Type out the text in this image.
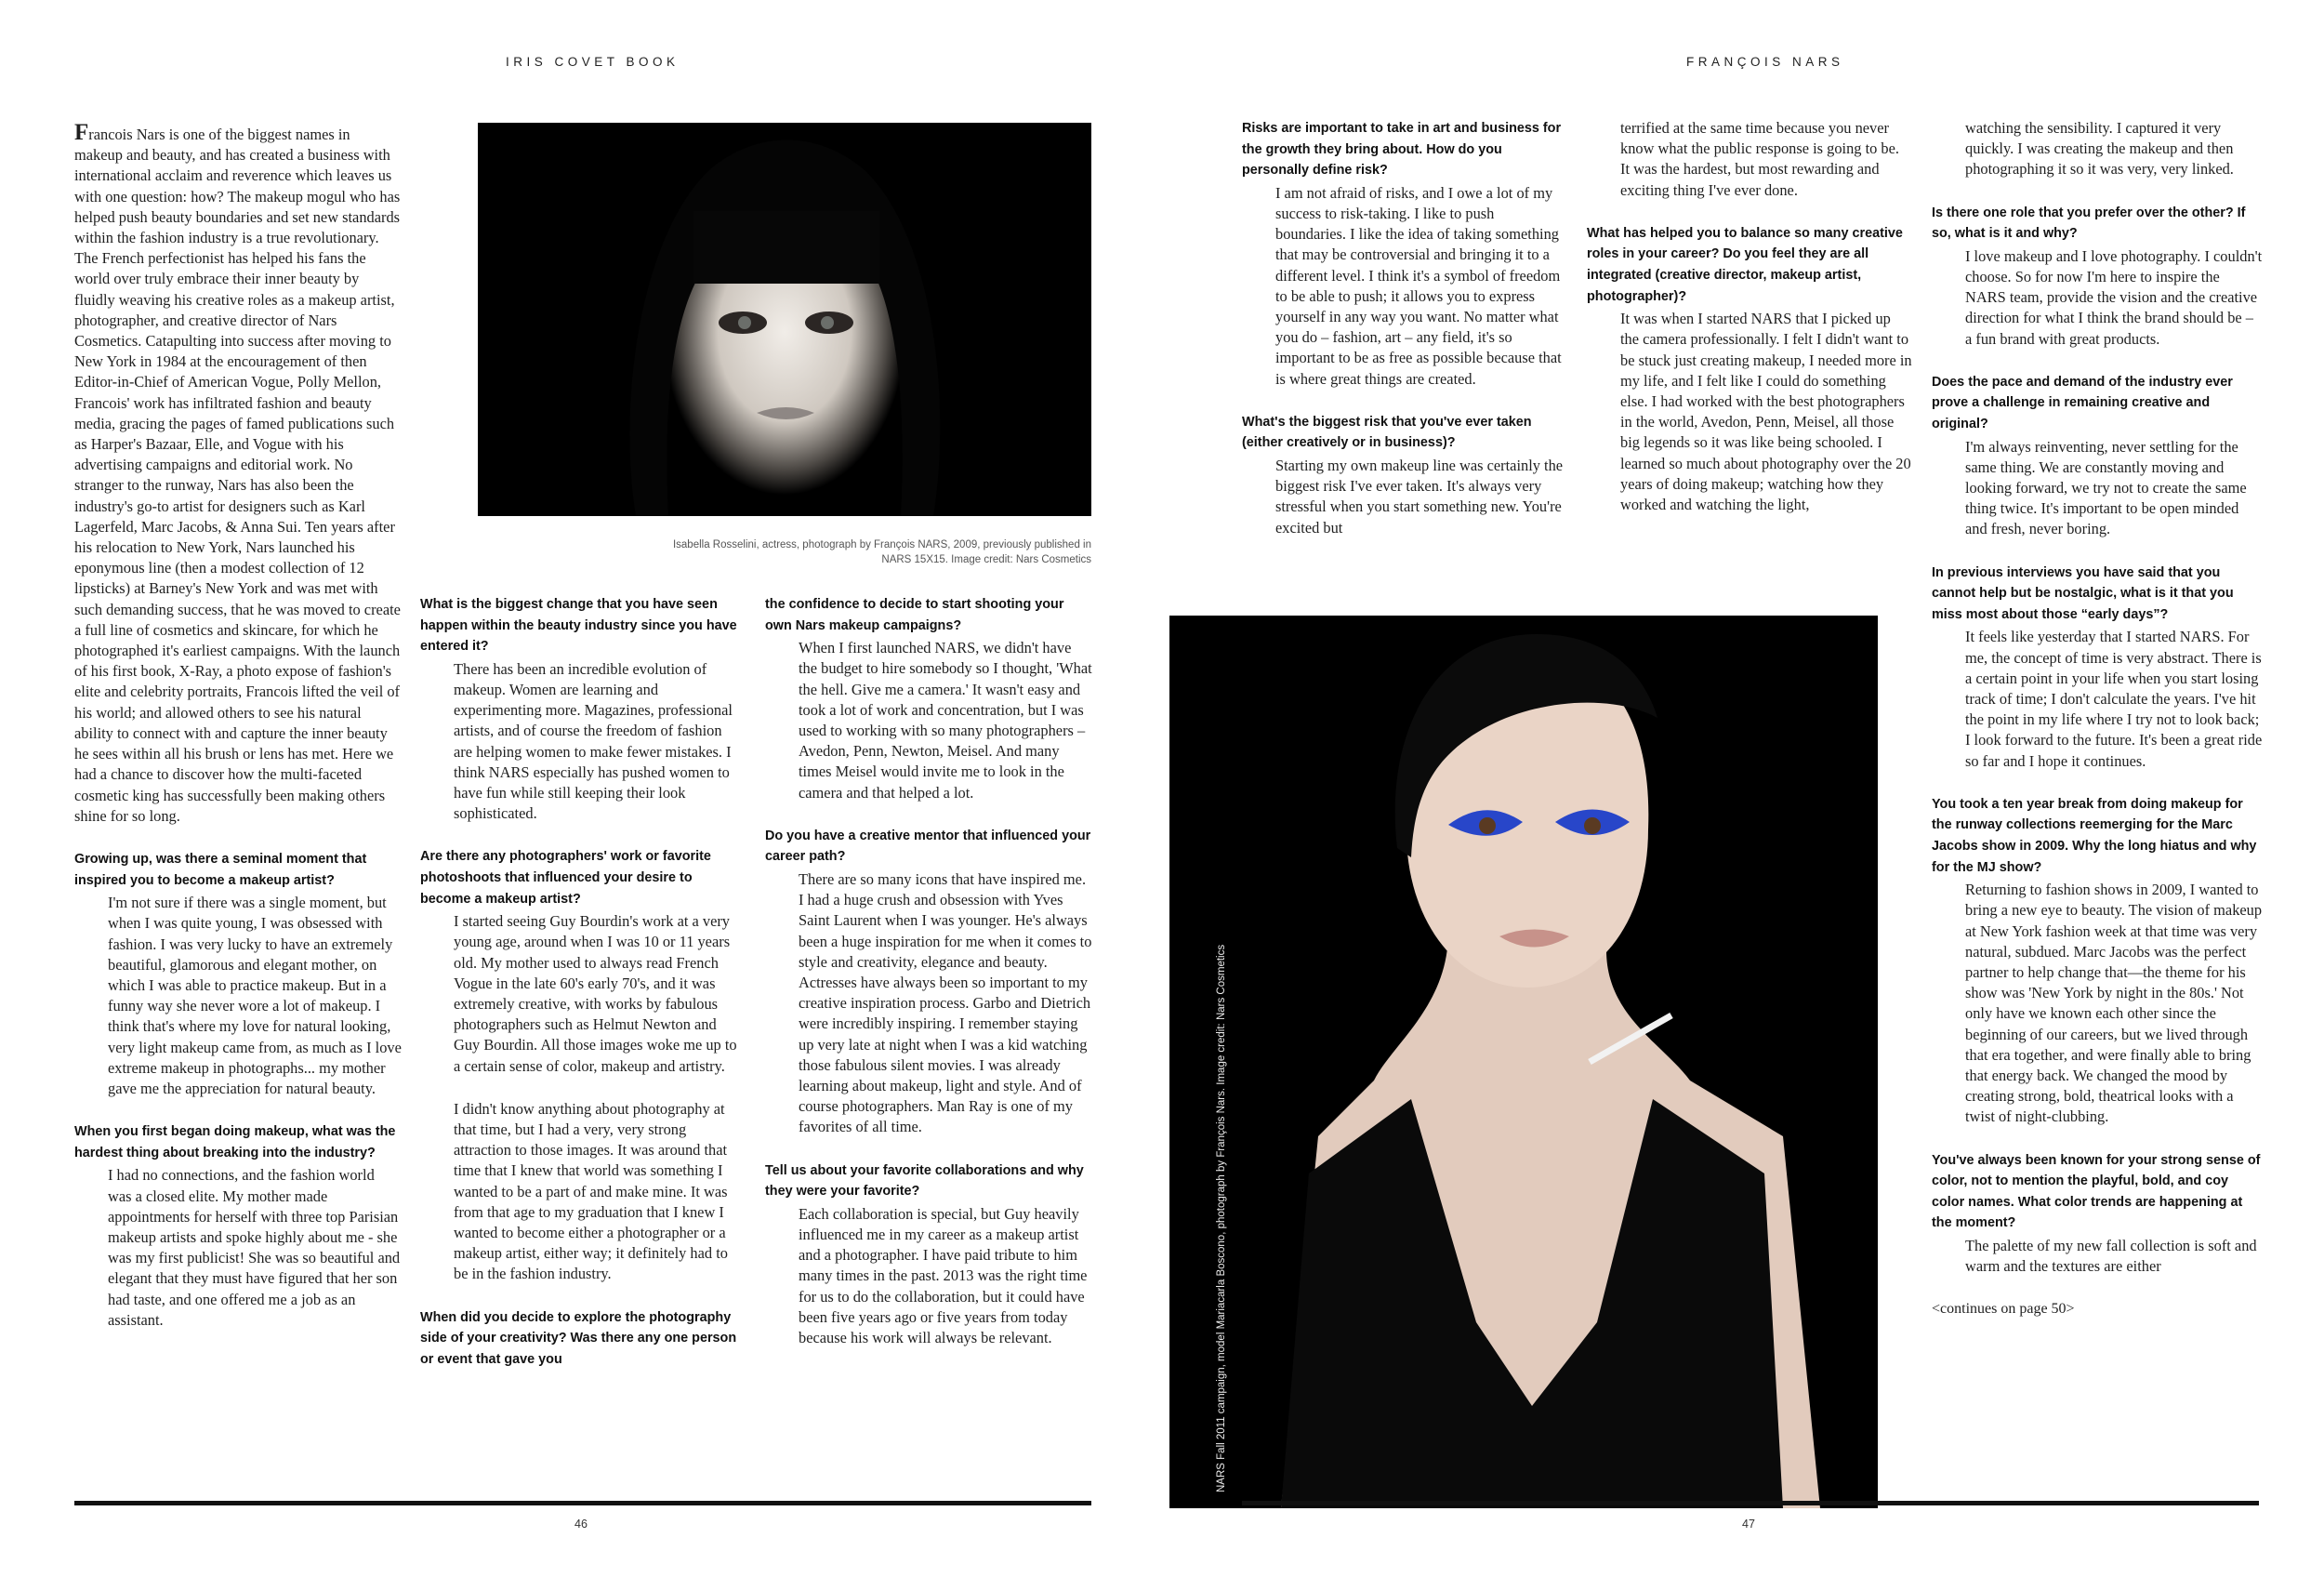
IRIS COVET BOOK	FRANÇOIS NARS
Isabella Rosselini, actress, photograph by François NARS, 2009, previously published in NARS 15X15. Image credit: Nars Cosmetics
NARS Fall 2011 campaign, model Mariacarla Boscono, photograph by François Nars. Image credit: Nars Cosmetics

Francois Nars is one of the biggest names in makeup and beauty, and has created a business with international acclaim and reverence which leaves us with one question: how? The makeup mogul who has helped push beauty boundaries and set new standards within the fashion industry is a true revolutionary. The French perfectionist has helped his fans the world over truly embrace their inner beauty by fluidly weaving his creative roles as a makeup artist, photographer, and creative director of Nars Cosmetics. Catapulting into success after moving to New York in 1984 at the encouragement of then Editor-in-Chief of American Vogue, Polly Mellon, Francois' work has infiltrated fashion and beauty media, gracing the pages of famed publications such as Harper's Bazaar, Elle, and Vogue with his advertising campaigns and editorial work. No stranger to the runway, Nars has also been the industry's go-to artist for designers such as Karl Lagerfeld, Marc Jacobs, & Anna Sui. Ten years after his relocation to New York, Nars launched his eponymous line (then a modest collection of 12 lipsticks) at Barney's New York and was met with such demanding success, that he was moved to create a full line of cosmetics and skincare, for which he photographed it's earliest campaigns. With the launch of his first book, X-Ray, a photo expose of fashion's elite and celebrity portraits, Francois lifted the veil of his world; and allowed others to see his natural ability to connect with and capture the inner beauty he sees within all his brush or lens has met. Here we had a chance to discover how the multi-faceted cosmetic king has successfully been making others shine for so long.

Growing up, was there a seminal moment that inspired you to become a makeup artist?

I'm not sure if there was a single moment, but when I was quite young, I was obsessed with fashion. I was very lucky to have an extremely beautiful, glamorous and elegant mother, on which I was able to practice makeup. But in a funny way she never wore a lot of makeup. I think that's where my love for natural looking, very light makeup came from, as much as I love extreme makeup in photographs... my mother gave me the appreciation for natural beauty.

When you first began doing makeup, what was the hardest thing about breaking into the industry?

I had no connections, and the fashion world was a closed elite. My mother made appointments for herself with three top Parisian makeup artists and spoke highly about me - she was my first publicist! She was so beautiful and elegant that they must have figured that her son had taste, and one offered me a job as an assistant.

What is the biggest change that you have seen happen within the beauty industry since you have entered it?

There has been an incredible evolution of makeup. Women are learning and experimenting more. Magazines, professional artists, and of course the freedom of fashion are helping women to make fewer mistakes. I think NARS especially has pushed women to have fun while still keeping their look sophisticated.

Are there any photographers' work or favorite photoshoots that influenced your desire to become a makeup artist?

I started seeing Guy Bourdin's work at a very young age, around when I was 10 or 11 years old. My mother used to always read French Vogue in the late 60's early 70's, and it was extremely creative, with works by fabulous photographers such as Helmut Newton and Guy Bourdin. All those images woke me up to a certain sense of color, makeup and artistry.

I didn't know anything about photography at that time, but I had a very, very strong attraction to those images. It was around that time that I knew that world was something I wanted to be a part of and make mine. It was from that age to my graduation that I knew I wanted to become either a photographer or a makeup artist, either way; it definitely had to be in the fashion industry.

When did you decide to explore the photography side of your creativity? Was there any one person or event that gave you

the confidence to decide to start shooting your own Nars makeup campaigns?

When I first launched NARS, we didn't have the budget to hire somebody so I thought, 'What the hell. Give me a camera.' It wasn't easy and took a lot of work and concentration, but I was used to working with so many photographers – Avedon, Penn, Newton, Meisel. And many times Meisel would invite me to look in the camera and that helped a lot.

Do you have a creative mentor that influenced your career path?

There are so many icons that have inspired me. I had a huge crush and obsession with Yves Saint Laurent when I was younger. He's always been a huge inspiration for me when it comes to style and creativity, elegance and beauty. Actresses have always been so important to my creative inspiration process. Garbo and Dietrich were incredibly inspiring. I remember staying up very late at night when I was a kid watching those fabulous silent movies. I was already learning about makeup, light and style. And of course photographers. Man Ray is one of my favorites of all time.

Tell us about your favorite collaborations and why they were your favorite?

Each collaboration is special, but Guy heavily influenced me in my career as a makeup artist and a photographer. I have paid tribute to him many times in the past. 2013 was the right time for us to do the collaboration, but it could have been five years ago or five years from today because his work will always be relevant.

Risks are important to take in art and business for the growth they bring about. How do you personally define risk?

I am not afraid of risks, and I owe a lot of my success to risk-taking. I like to push boundaries. I like the idea of taking something that may be controversial and bringing it to a different level. I think it's a symbol of freedom to be able to push; it allows you to express yourself in any way you want. No matter what you do – fashion, art – any field, it's so important to be as free as possible because that is where great things are created.

What's the biggest risk that you've ever taken (either creatively or in business)?

Starting my own makeup line was certainly the biggest risk I've ever taken. It's always very stressful when you start something new. You're excited but

terrified at the same time because you never know what the public response is going to be. It was the hardest, but most rewarding and exciting thing I've ever done.

What has helped you to balance so many creative roles in your career? Do you feel they are all integrated (creative director, makeup artist, photographer)?

It was when I started NARS that I picked up the camera professionally. I felt I didn't want to be stuck just creating makeup, I needed more in my life, and I felt like I could do something else. I had worked with the best photographers in the world, Avedon, Penn, Meisel, all those big legends so it was like being schooled. I learned so much about photography over the 20 years of doing makeup; watching how they worked and watching the light,

watching the sensibility. I captured it very quickly. I was creating the makeup and then photographing it so it was very, very linked.

Is there one role that you prefer over the other? If so, what is it and why?

I love makeup and I love photography. I couldn't choose. So for now I'm here to inspire the NARS team, provide the vision and the creative direction for what I think the brand should be – a fun brand with great products.

Does the pace and demand of the industry ever prove a challenge in remaining creative and original?

I'm always reinventing, never settling for the same thing. We are constantly moving and looking forward, we try not to create the same thing twice. It's important to be open minded and fresh, never boring.

In previous interviews you have said that you cannot help but be nostalgic, what is it that you miss most about those “early days”?

It feels like yesterday that I started NARS. For me, the concept of time is very abstract. There is a certain point in your life when you start losing track of time; I don't calculate the years. I've hit the point in my life where I try not to look back; I look forward to the future. It's been a great ride so far and I hope it continues.

You took a ten year break from doing makeup for the runway collections reemerging for the Marc Jacobs show in 2009. Why the long hiatus and why for the MJ show?

Returning to fashion shows in 2009, I wanted to bring a new eye to beauty. The vision of makeup at New York fashion week at that time was very natural, subdued. Marc Jacobs was the perfect partner to help change that—the theme for his show was 'New York by night in the 80s.' Not only have we known each other since the beginning of our careers, but we lived through that era together, and were finally able to bring that energy back. We changed the mood by creating strong, bold, theatrical looks with a twist of night-clubbing.

You've always been known for your strong sense of color, not to mention the playful, bold, and coy color names. What color trends are happening at the moment?

The palette of my new fall collection is soft and warm and the textures are either

<continues on page 50>

46	47
